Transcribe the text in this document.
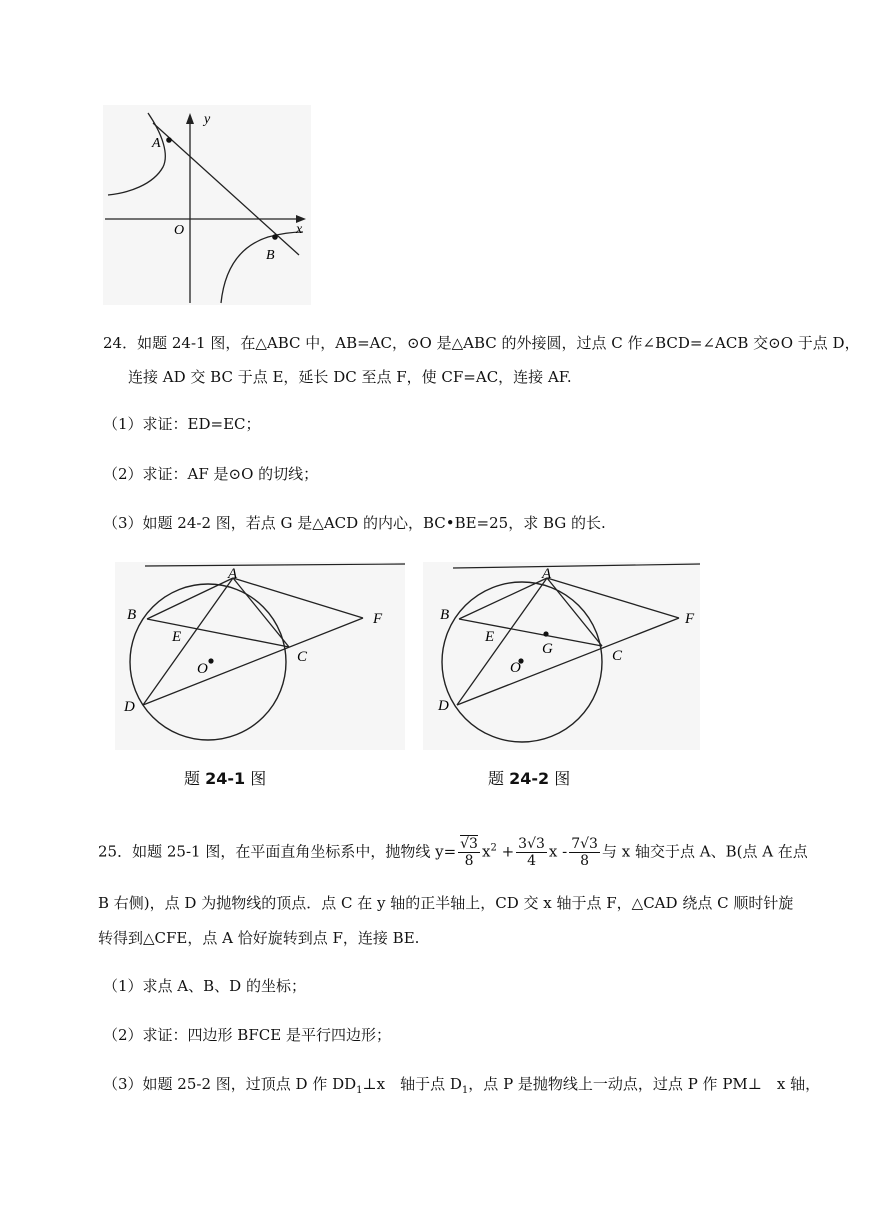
A
B
O	x
y
24．如题 24-1 图，在△ABC 中，AB=AC，⊙O 是△ABC 的外接圆，过点 C 作∠BCD=∠ACB 交⊙O 于点 D，
连接 AD 交 BC 于点 E，延长 DC 至点 F，使 CF=AC，连接 AF.
（1）求证：ED=EC；
（2）求证：AF 是⊙O 的切线；
（3）如题 24-2 图，若点 G 是△ACD 的内心，BC•BE=25，求 BG 的长.
A
B
C
D
E
F
O
A
B
C
D
E
F
O
G
题 24-1 图	题 24-2 图
25．如题 25-1 图，在平面直角坐标系中，抛物线 $y= \frac{√3}{8} x^2 + \frac{3√3}{4}$ x - $\frac{7√3}{8}$ 与 x 轴交于点 A、B(点 A 在点
B 右侧)，点 D 为抛物线的顶点．点 C 在 y 轴的正半轴上，CD 交 x 轴于点 F，△CAD 绕点 C 顺时针旋
转得到△CFE，点 A 恰好旋转到点 F，连接 BE.
（1）求点 A、B、D 的坐标；
（2）求证：四边形 BFCE 是平行四边形；
（3）如题 25-2 图，过顶点 D 作 $DD_1\perp x$　轴于点 $D_1$，点 P 是抛物线上一动点，过点 P 作 PM⊥　x 轴，
